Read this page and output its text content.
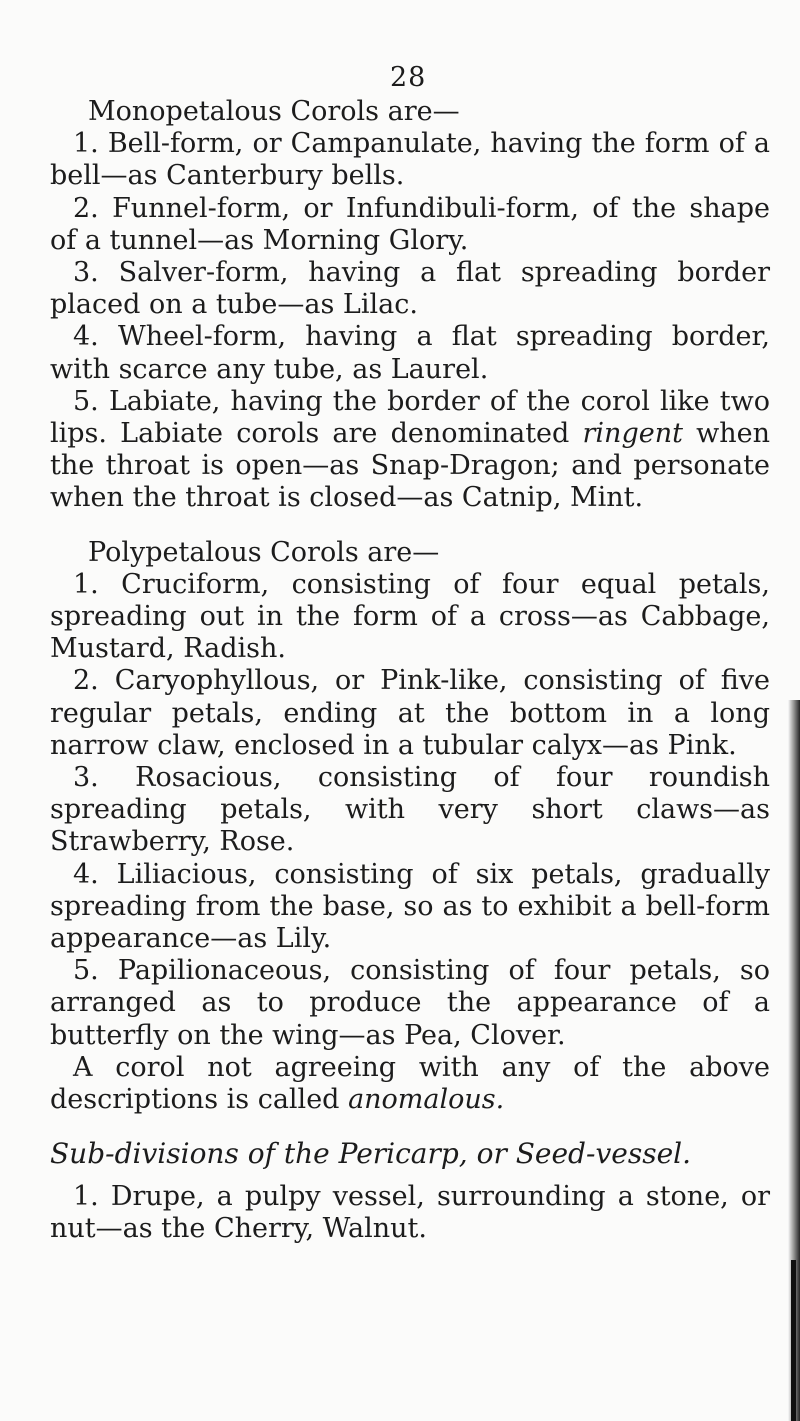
28

Monopetalous Corols are—

1. Bell-form, or Campanulate, having the form of a bell—as Canterbury bells.

2. Funnel-form, or Infundibuli-form, of the shape of a tunnel—as Morning Glory.

3. Salver-form, having a flat spreading border placed on a tube—as Lilac.

4. Wheel-form, having a flat spreading border, with scarce any tube, as Laurel.

5. Labiate, having the border of the corol like two lips. Labiate corols are denominated ringent when the throat is open—as Snap-Dragon; and personate when the throat is closed—as Catnip, Mint.

Polypetalous Corols are—

1. Cruciform, consisting of four equal petals, spreading out in the form of a cross—as Cabbage, Mustard, Radish.

2. Caryophyllous, or Pink-like, consisting of five regular petals, ending at the bottom in a long narrow claw, enclosed in a tubular calyx—as Pink.

3. Rosacious, consisting of four roundish spreading petals, with very short claws—as Strawberry, Rose.

4. Liliacious, consisting of six petals, gradually spreading from the base, so as to exhibit a bell-form appearance—as Lily.

5. Papilionaceous, consisting of four petals, so arranged as to produce the appearance of a butterfly on the wing—as Pea, Clover.

A corol not agreeing with any of the above descriptions is called anomalous.

Sub-divisions of the Pericarp, or Seed-vessel.

1. Drupe, a pulpy vessel, surrounding a stone, or nut—as the Cherry, Walnut.
